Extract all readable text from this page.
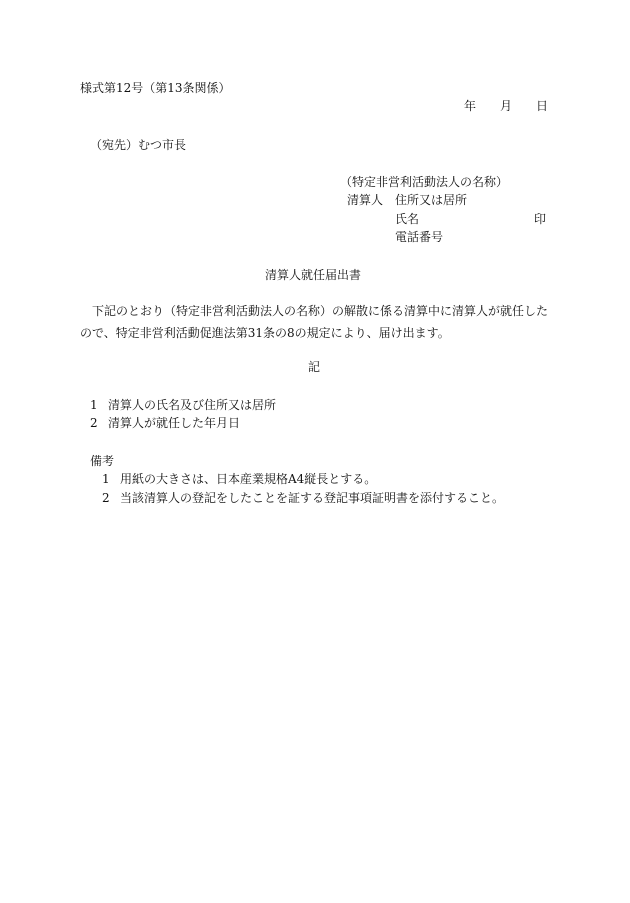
様式第12号（第13条関係）
年 月 日
（宛先）むつ市長
（特定非営利活動法人の名称）
清算人 住所又は居所
氏名	印
電話番号
清算人就任届出書
下記のとおり（特定非営利活動法人の名称）の解散に係る清算中に清算人が就任したので、特定非営利活動促進法第31条の8の規定により、届け出ます。
記
1 清算人の氏名及び住所又は居所
2 清算人が就任した年月日
備考
1 用紙の大きさは、日本産業規格A4縦長とする。
2 当該清算人の登記をしたことを証する登記事項証明書を添付すること。
